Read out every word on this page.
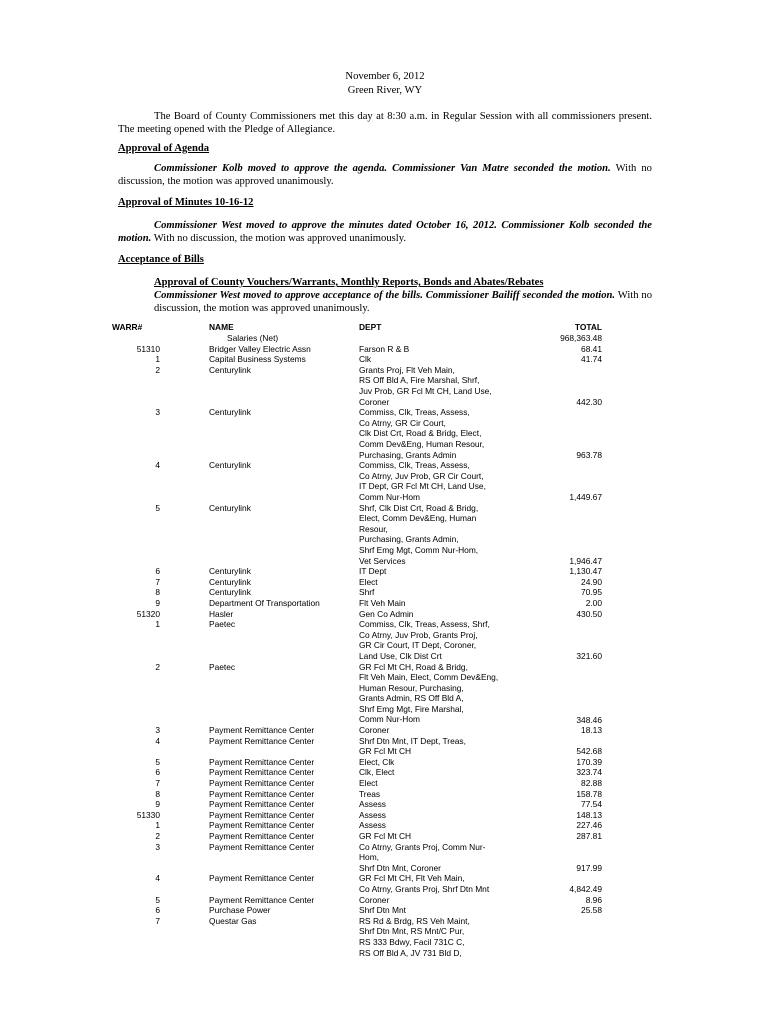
November 6, 2012
Green River, WY
The Board of County Commissioners met this day at 8:30 a.m. in Regular Session with all commissioners present. The meeting opened with the Pledge of Allegiance.
Approval of Agenda
Commissioner Kolb moved to approve the agenda. Commissioner Van Matre seconded the motion. With no discussion, the motion was approved unanimously.
Approval of Minutes 10-16-12
Commissioner West moved to approve the minutes dated October 16, 2012. Commissioner Kolb seconded the motion. With no discussion, the motion was approved unanimously.
Acceptance of Bills
Approval of County Vouchers/Warrants, Monthly Reports, Bonds and Abates/Rebates
Commissioner West moved to approve acceptance of the bills. Commissioner Bailiff seconded the motion. With no discussion, the motion was approved unanimously.
WARR#	NAME	DEPT	TOTAL
Salaries (Net)	968,363.48
51310	Bridger Valley Electric Assn	Farson R & B	68.41
1	Capital Business Systems	Clk	41.74
2	Centurylink	Grants Proj, Flt Veh Main,
RS Off Bld A, Fire Marshal, Shrf,
Juv Prob, GR Fcl Mt CH, Land Use,
Coroner	442.30
3	Centurylink	Commiss, Clk, Treas, Assess,
Co Atrny, GR Cir Court,
Clk Dist Crt, Road & Bridg, Elect,
Comm Dev&Eng, Human Resour,
Purchasing, Grants Admin	963.78
4	Centurylink	Commiss, Clk, Treas, Assess,
Co Atrny, Juv Prob, GR Cir Court,
IT Dept, GR Fcl Mt CH, Land Use,
Comm Nur-Hom	1,449.67
5	Centurylink	Shrf, Clk Dist Crt, Road & Bridg,
Elect, Comm Dev&Eng, Human
Resour,
Purchasing, Grants Admin,
Shrf Emg Mgt, Comm Nur-Hom,
Vet Services	1,946.47
6	Centurylink	IT Dept	1,130.47
7	Centurylink	Elect	24.90
8	Centurylink	Shrf	70.95
9	Department Of Transportation	Flt Veh Main	2.00
51320	Hasler	Gen Co Admin	430.50
1	Paetec	Commiss, Clk, Treas, Assess, Shrf,
Co Atrny, Juv Prob, Grants Proj,
GR Cir Court, IT Dept, Coroner,
Land Use, Clk Dist Crt	321.60
2	Paetec	GR Fcl Mt CH, Road & Bridg,
Flt Veh Main, Elect, Comm Dev&Eng,
Human Resour, Purchasing,
Grants Admin, RS Off Bld A,
Shrf Emg Mgt, Fire Marshal,
Comm Nur-Hom	348.46
3	Payment Remittance Center	Coroner	18.13
4	Payment Remittance Center	Shrf Dtn Mnt, IT Dept, Treas,
GR Fcl Mt CH	542.68
5	Payment Remittance Center	Elect, Clk	170.39
6	Payment Remittance Center	Clk, Elect	323.74
7	Payment Remittance Center	Elect	82.88
8	Payment Remittance Center	Treas	158.78
9	Payment Remittance Center	Assess	77.54
51330	Payment Remittance Center	Assess	148.13
1	Payment Remittance Center	Assess	227.46
2	Payment Remittance Center	GR Fcl Mt CH	287.81
3	Payment Remittance Center	Co Atrny, Grants Proj, Comm Nur-
Hom,
Shrf Dtn Mnt, Coroner	917.99
4	Payment Remittance Center	GR Fcl Mt CH, Flt Veh Main,
Co Atrny, Grants Proj, Shrf Dtn Mnt	4,842.49
5	Payment Remittance Center	Coroner	8.96
6	Purchase Power	Shrf Dtn Mnt	25.58
7	Questar Gas	RS Rd & Brdg, RS Veh Maint,
Shrf Dtn Mnt, RS Mnt/C Pur,
RS 333 Bdwy, Facil 731C C,
RS Off Bld A, JV 731 Bld D,
